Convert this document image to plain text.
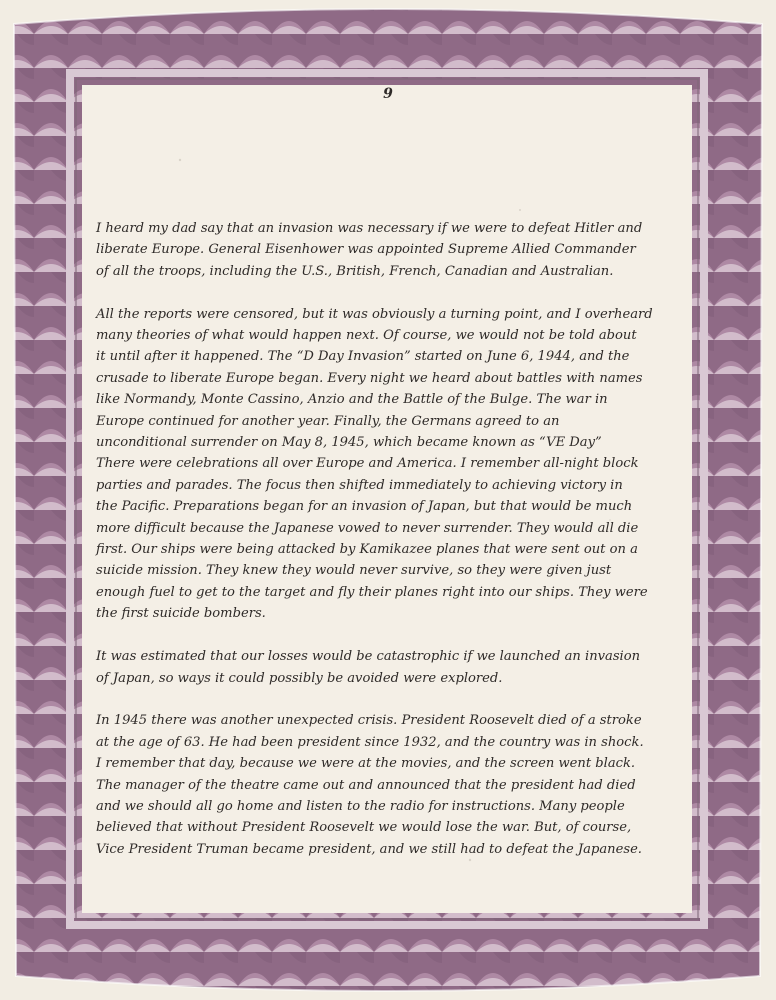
9

I heard my dad say that an invasion was necessary if we were to defeat Hitler and
liberate Europe. General Eisenhower was appointed Supreme Allied Commander
of all the troops, including the U.S., British, French, Canadian and Australian.

All the reports were censored, but it was obviously a turning point, and I overheard
many theories of what would happen next. Of course, we would not be told about
it until after it happened. The “D Day Invasion” started on June 6, 1944, and the
crusade to liberate Europe began. Every night we heard about battles with names
like Normandy, Monte Cassino, Anzio and the Battle of the Bulge. The war in
Europe continued for another year. Finally, the Germans agreed to an
unconditional surrender on May 8, 1945, which became known as “VE Day”
There were celebrations all over Europe and America. I remember all-night block
parties and parades. The focus then shifted immediately to achieving victory in
the Pacific. Preparations began for an invasion of Japan, but that would be much
more difficult because the Japanese vowed to never surrender. They would all die
first. Our ships were being attacked by Kamikazee planes that were sent out on a
suicide mission. They knew they would never survive, so they were given just
enough fuel to get to the target and fly their planes right into our ships. They were
the first suicide bombers.

It was estimated that our losses would be catastrophic if we launched an invasion
of Japan, so ways it could possibly be avoided were explored.

In 1945 there was another unexpected crisis. President Roosevelt died of a stroke
at the age of 63. He had been president since 1932, and the country was in shock.
I remember that day, because we were at the movies, and the screen went black.
The manager of the theatre came out and announced that the president had died
and we should all go home and listen to the radio for instructions. Many people
believed that without President Roosevelt we would lose the war. But, of course,
Vice President Truman became president, and we still had to defeat the Japanese.
